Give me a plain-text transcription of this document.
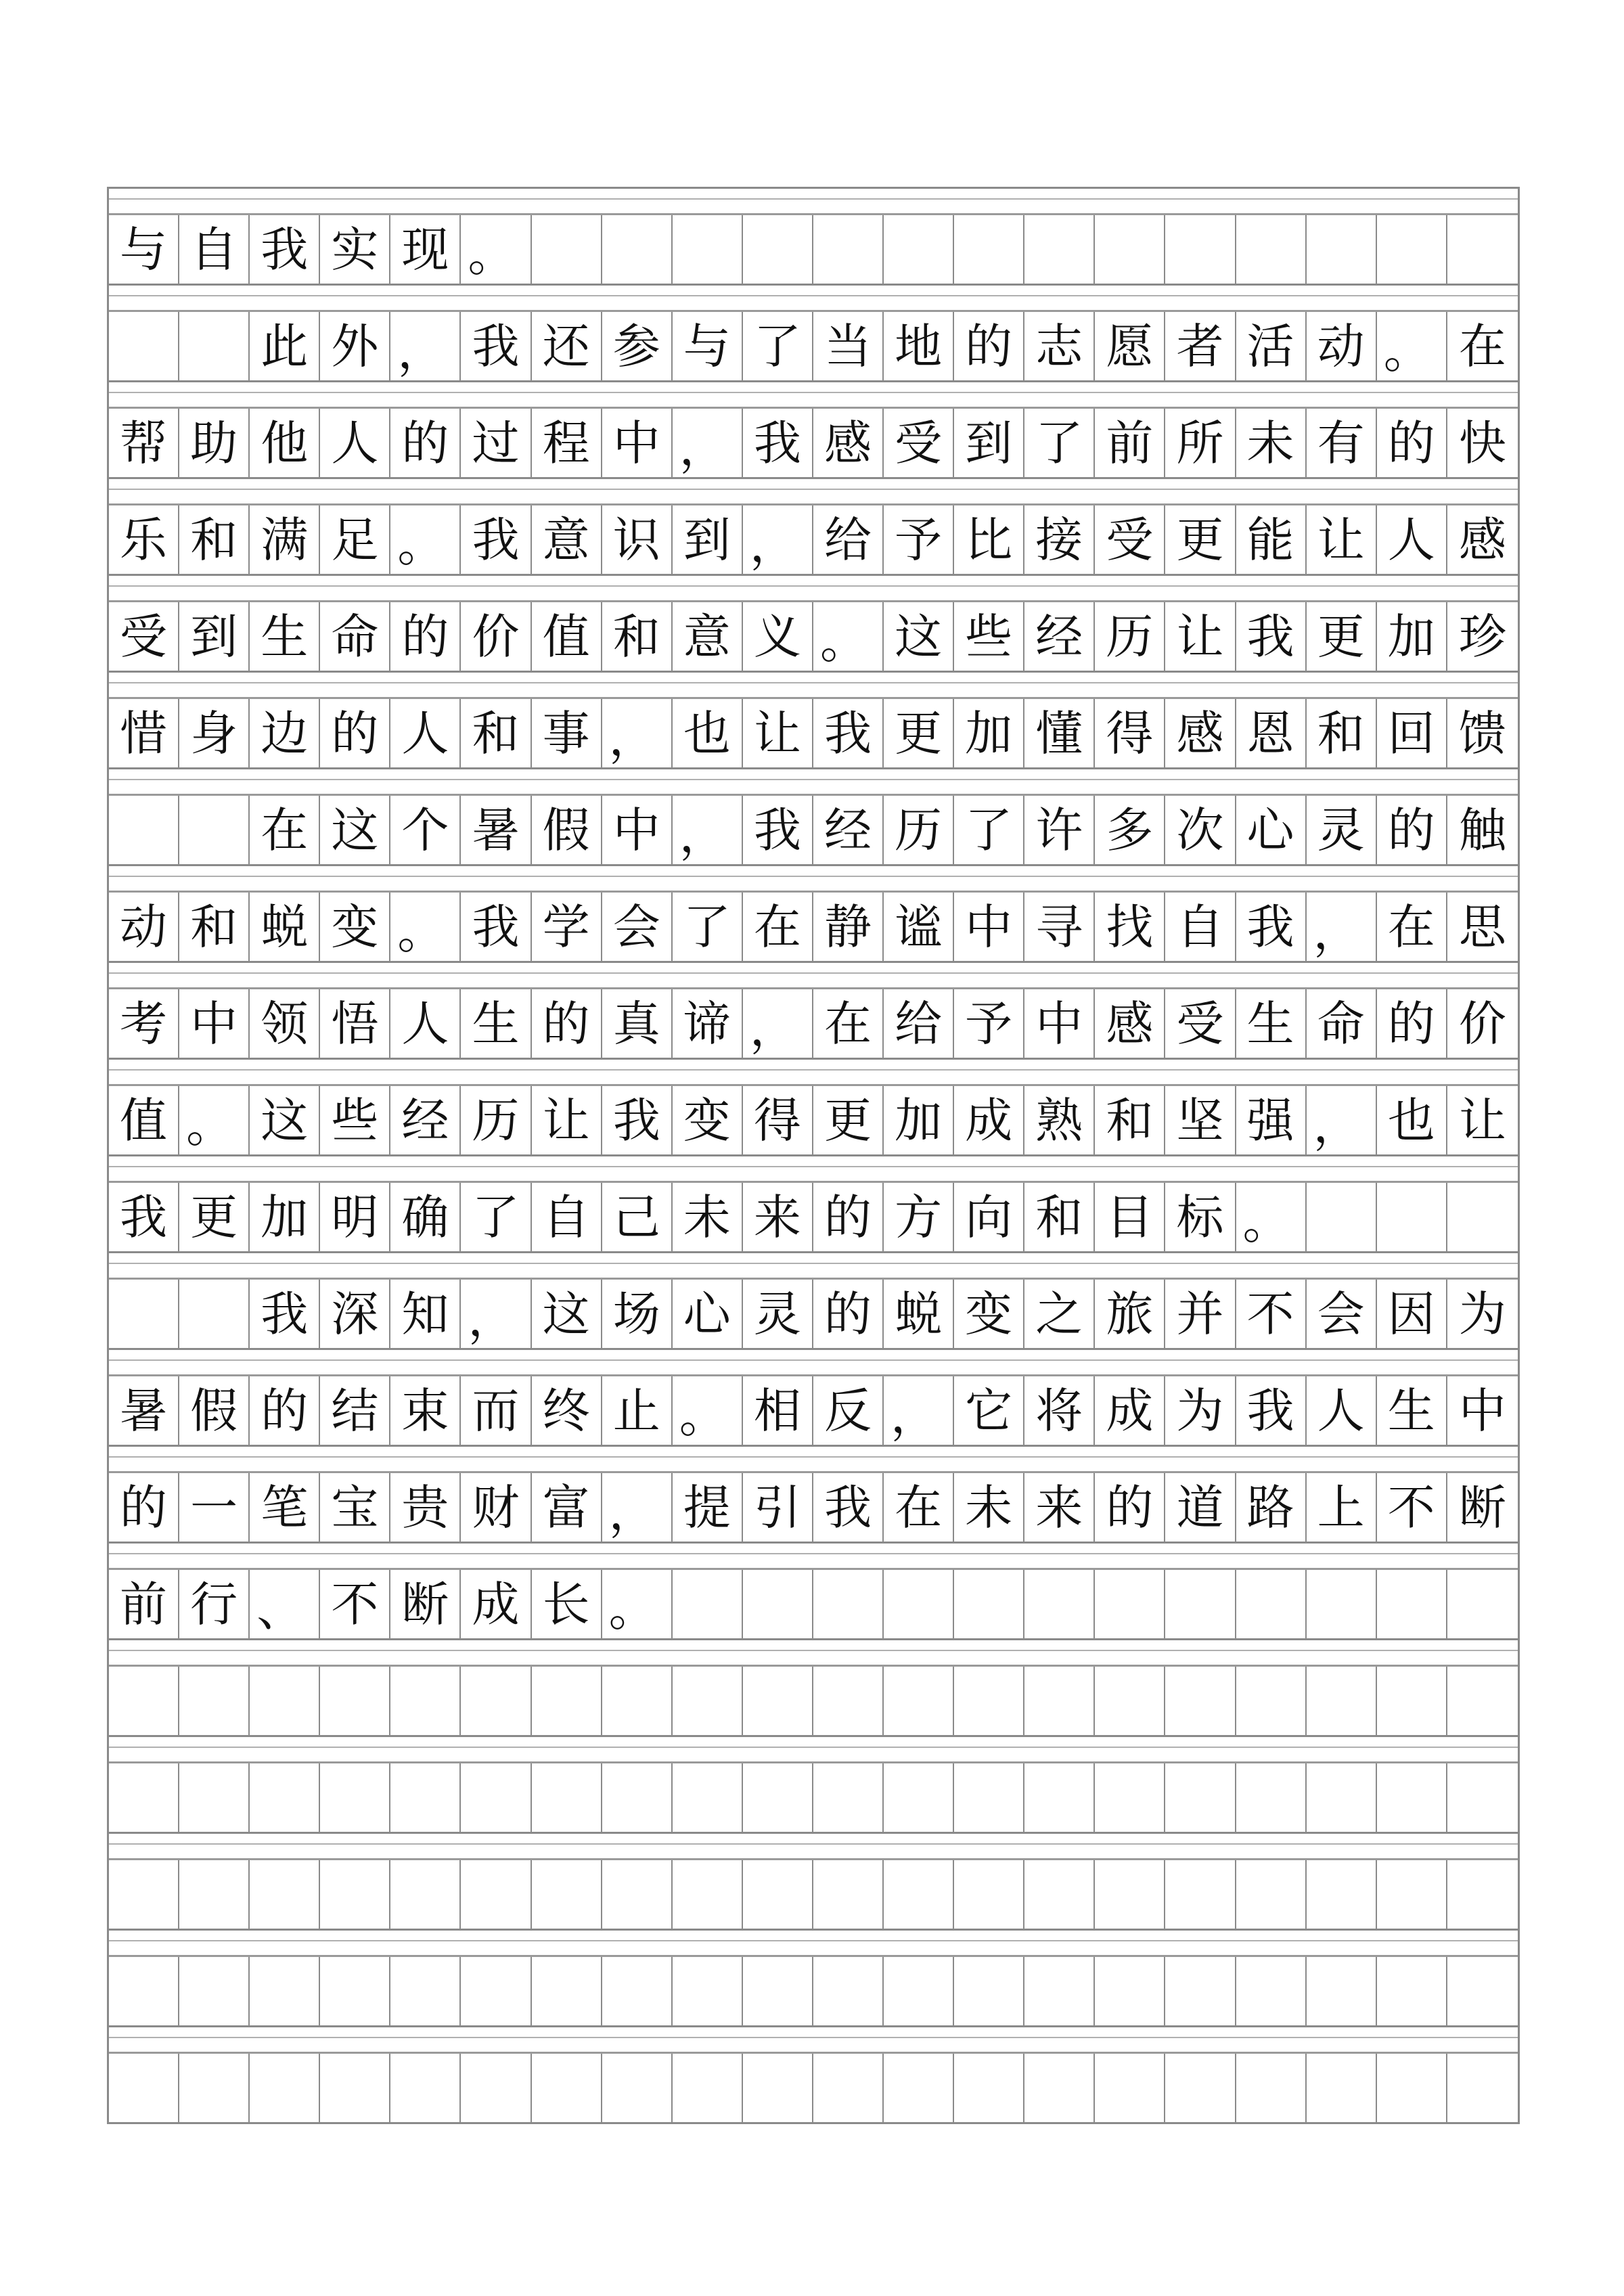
与 自 我 实 现 。
此 外 ， 我 还 参 与 了 当 地 的 志 愿 者 活 动 。 在
帮 助 他 人 的 过 程 中 ， 我 感 受 到 了 前 所 未 有 的 快
乐 和 满 足 。 我 意 识 到 ， 给 予 比 接 受 更 能 让 人 感
受 到 生 命 的 价 值 和 意 义 。 这 些 经 历 让 我 更 加 珍
惜 身 边 的 人 和 事 ， 也 让 我 更 加 懂 得 感 恩 和 回 馈
在 这 个 暑 假 中 ， 我 经 历 了 许 多 次 心 灵 的 触
动 和 蜕 变 。 我 学 会 了 在 静 谧 中 寻 找 自 我 ， 在 思
考 中 领 悟 人 生 的 真 谛 ， 在 给 予 中 感 受 生 命 的 价
值 。 这 些 经 历 让 我 变 得 更 加 成 熟 和 坚 强 ， 也 让
我 更 加 明 确 了 自 己 未 来 的 方 向 和 目 标 。
我 深 知 ， 这 场 心 灵 的 蜕 变 之 旅 并 不 会 因 为
暑 假 的 结 束 而 终 止 。 相 反 ， 它 将 成 为 我 人 生 中
的 一 笔 宝 贵 财 富 ， 提 引 我 在 未 来 的 道 路 上 不 断
前 行 、 不 断 成 长 。
